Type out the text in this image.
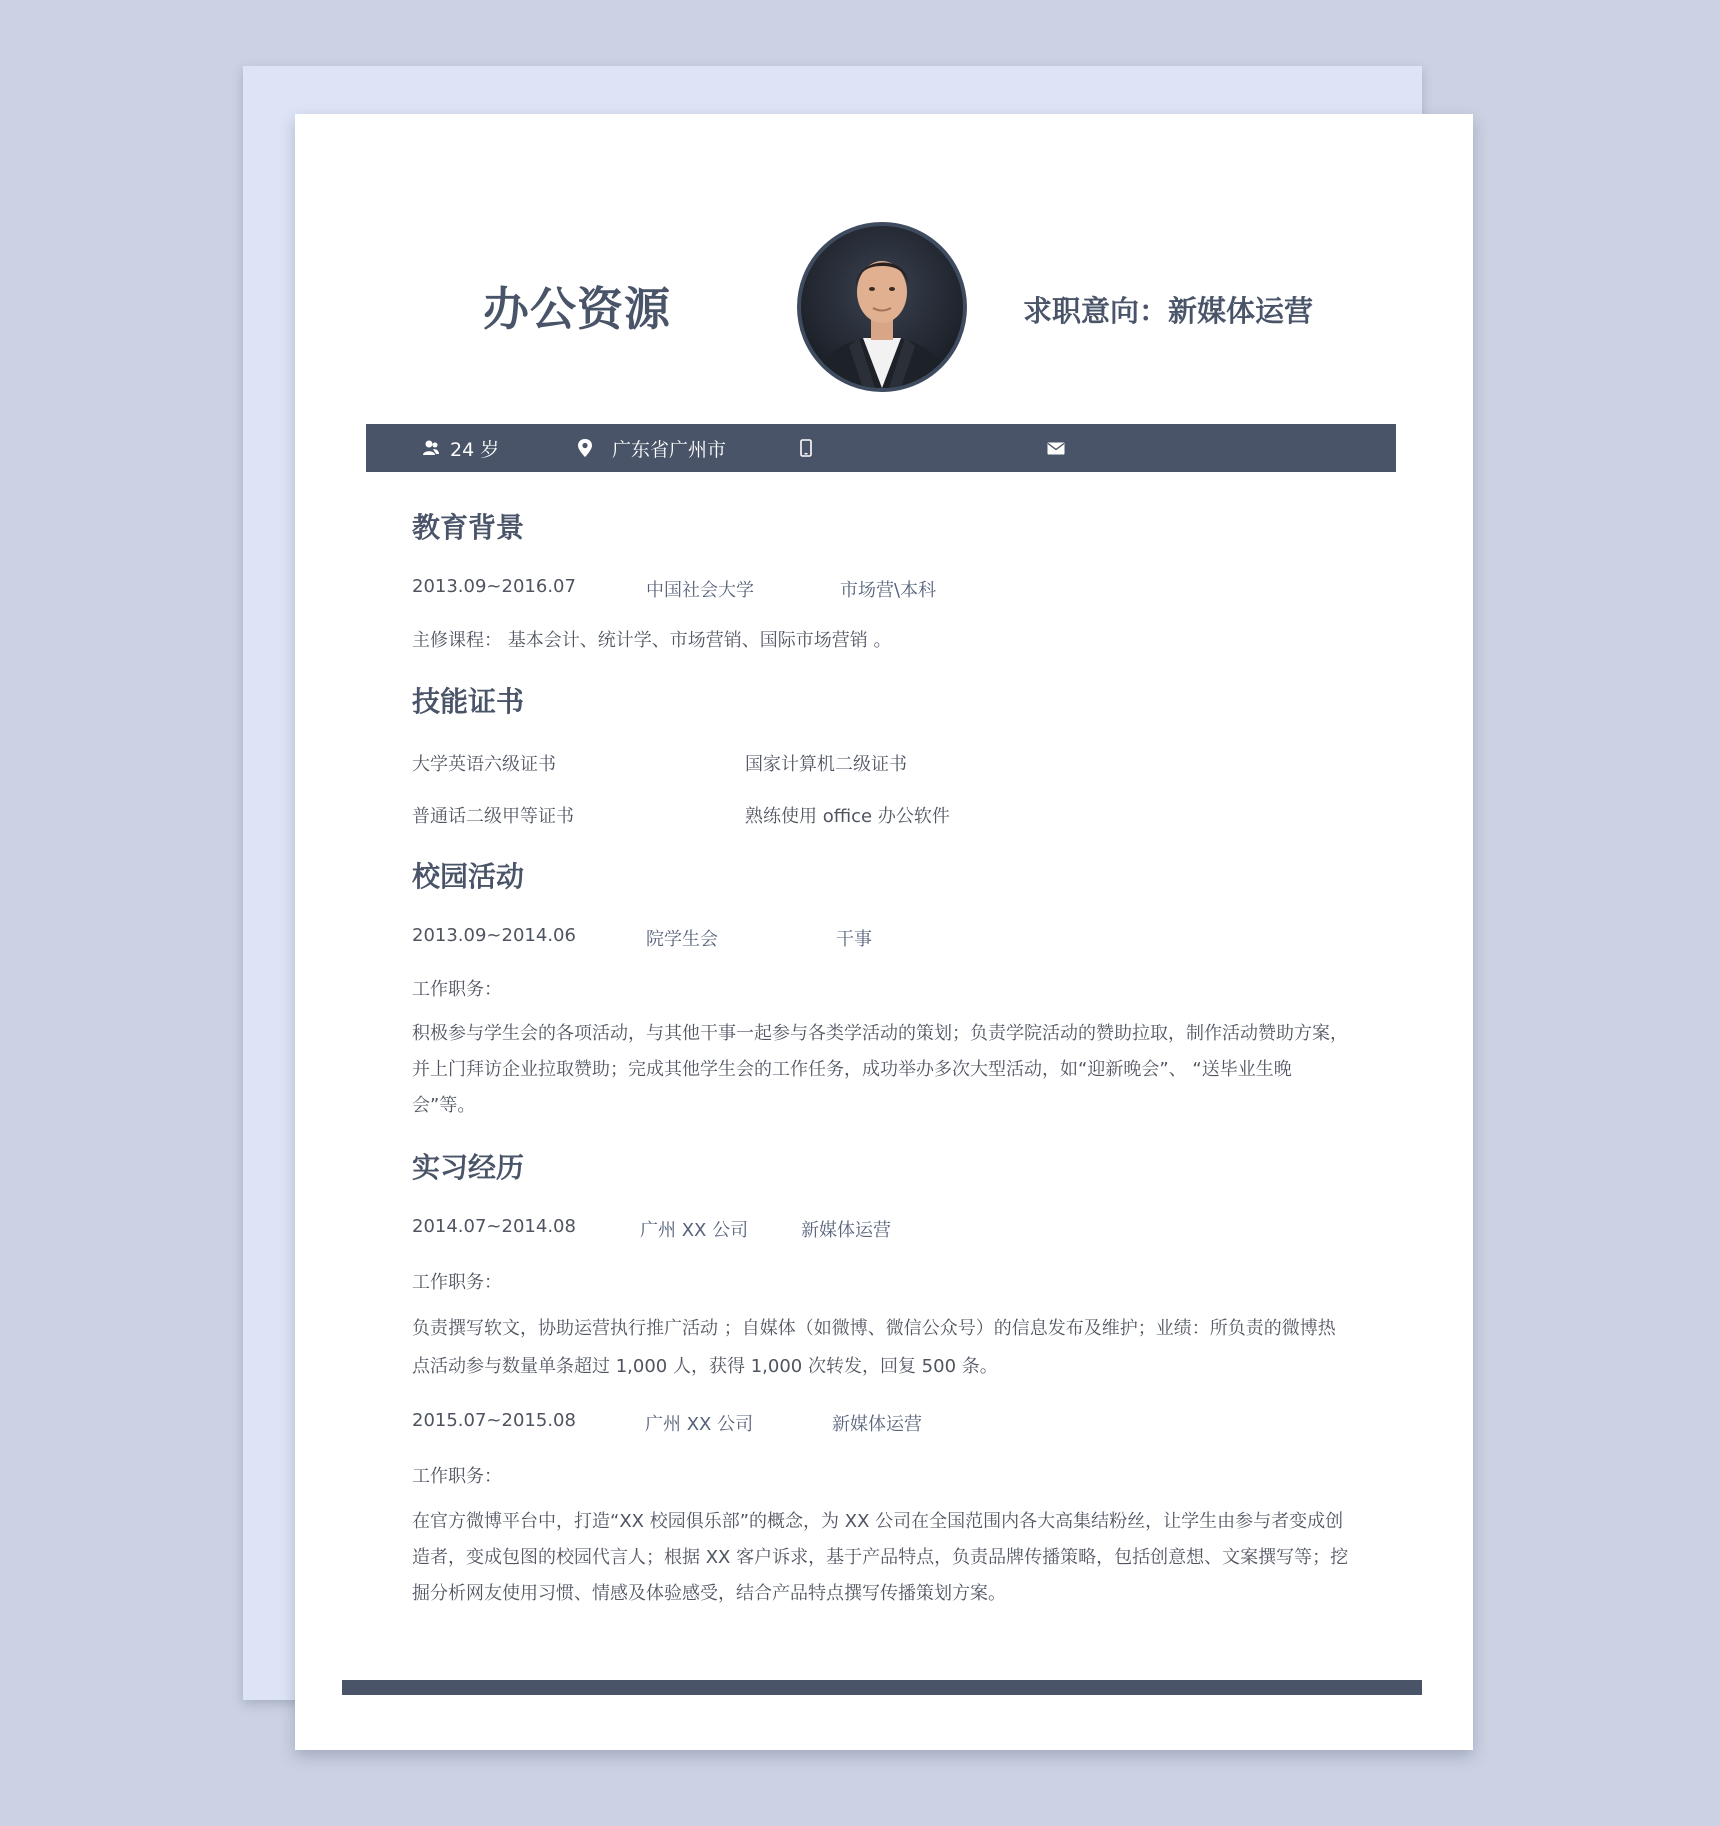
办公资源	求职意向：新媒体运营
24 岁	广东省广州市
教育背景
2013.09~2016.07	中国社会大学	市场营\本科
主修课程： 基本会计、统计学、市场营销、国际市场营销 。
技能证书
大学英语六级证书	国家计算机二级证书
普通话二级甲等证书	熟练使用 office 办公软件
校园活动
2013.09~2014.06	院学生会	干事
工作职务：
积极参与学生会的各项活动，与其他干事一起参与各类学活动的策划；负责学院活动的赞助拉取，制作活动赞助方案，并上门拜访企业拉取赞助；完成其他学生会的工作任务，成功举办多次大型活动，如“迎新晚会”、 “送毕业生晚会”等。
实习经历
2014.07~2014.08	广州 XX 公司	新媒体运营
工作职务：
负责撰写软文，协助运营执行推广活动 ；自媒体（如微博、微信公众号）的信息发布及维护；业绩：所负责的微博热点活动参与数量单条超过 1,000 人，获得 1,000 次转发，回复 500 条。
2015.07~2015.08	广州 XX 公司	新媒体运营
工作职务：
在官方微博平台中，打造“XX 校园俱乐部”的概念，为 XX 公司在全国范围内各大高集结粉丝，让学生由参与者变成创造者，变成包图的校园代言人；根据 XX 客户诉求，基于产品特点，负责品牌传播策略，包括创意想、文案撰写等；挖掘分析网友使用习惯、情感及体验感受，结合产品特点撰写传播策划方案。
